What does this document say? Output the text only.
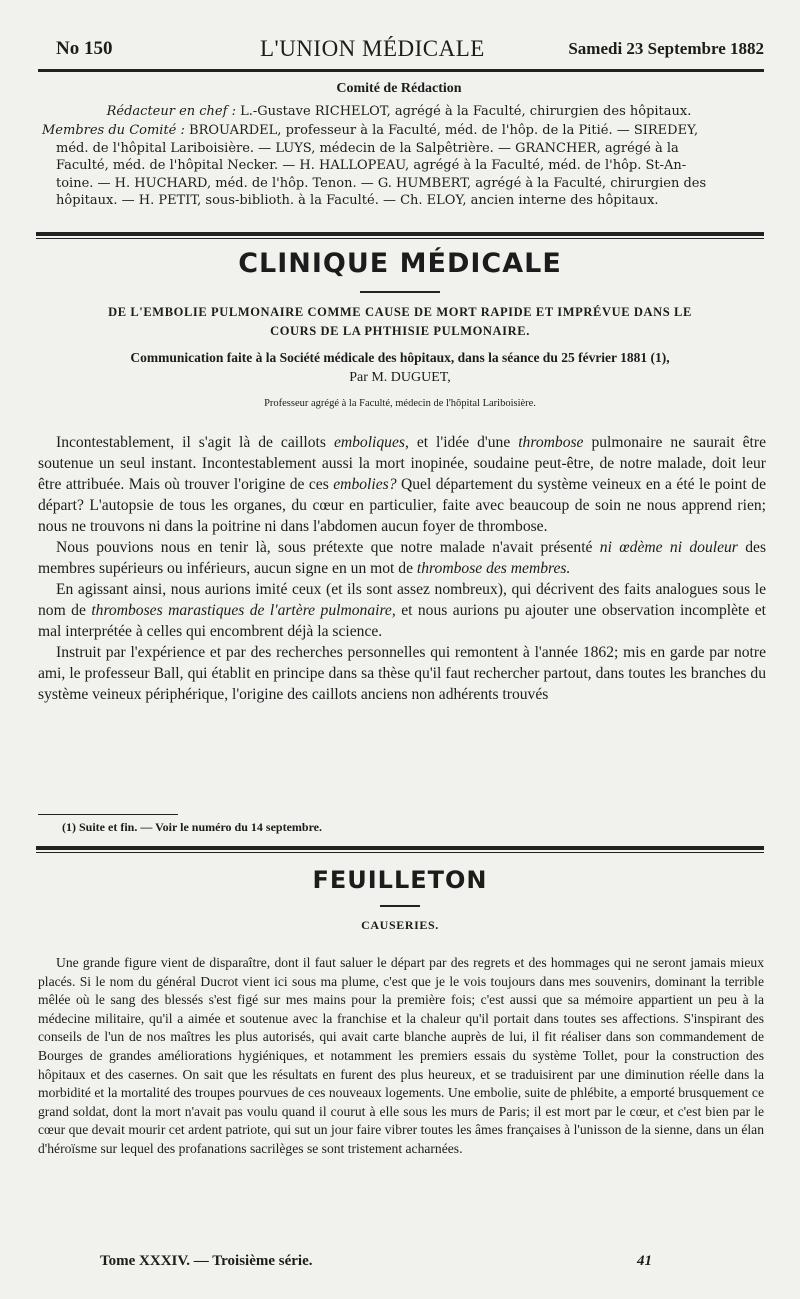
No 150	L'UNION MÉDICALE	Samedi 23 Septembre 1882
Comité de Rédaction
Rédacteur en chef : L.-Gustave RICHELOT, agrégé à la Faculté, chirurgien des hôpitaux.
Membres du Comité : BROUARDEL, professeur à la Faculté, méd. de l'hôp. de la Pitié. — SIREDEY,
méd. de l'hôpital Lariboisière. — LUYS, médecin de la Salpêtrière. — GRANCHER, agrégé à la
Faculté, méd. de l'hôpital Necker. — H. HALLOPEAU, agrégé à la Faculté, méd. de l'hôp. St-An-
toine. — H. HUCHARD, méd. de l'hôp. Tenon. — G. HUMBERT, agrégé à la Faculté, chirurgien des
hôpitaux. — H. PETIT, sous-biblioth. à la Faculté. — Ch. ELOY, ancien interne des hôpitaux.
CLINIQUE MÉDICALE
DE L'EMBOLIE PULMONAIRE COMME CAUSE DE MORT RAPIDE ET IMPRÉVUE DANS LE
COURS DE LA PHTHISIE PULMONAIRE.
Communication faite à la Société médicale des hôpitaux, dans la séance du 25 février 1881 (1),
Par M. DUGUET,
Professeur agrégé à la Faculté, médecin de l'hôpital Lariboisière.

Incontestablement, il s'agit là de caillots emboliques, et l'idée d'une thrombose pulmonaire ne saurait être soutenue un seul instant. Incontestablement aussi la mort inopinée, soudaine peut-être, de notre malade, doit leur être attribuée. Mais où trouver l'origine de ces embolies? Quel département du système veineux en a été le point de départ? L'autopsie de tous les organes, du cœur en particulier, faite avec beaucoup de soin ne nous apprend rien; nous ne trouvons ni dans la poitrine ni dans l'abdomen aucun foyer de thrombose.

Nous pouvions nous en tenir là, sous prétexte que notre malade n'avait présenté ni œdème ni douleur des membres supérieurs ou inférieurs, aucun signe en un mot de thrombose des membres.

En agissant ainsi, nous aurions imité ceux (et ils sont assez nombreux), qui décrivent des faits analogues sous le nom de thromboses marastiques de l'artère pulmonaire, et nous aurions pu ajouter une observation incomplète et mal interprétée à celles qui encombrent déjà la science.

Instruit par l'expérience et par des recherches personnelles qui remontent à l'année 1862; mis en garde par notre ami, le professeur Ball, qui établit en principe dans sa thèse qu'il faut rechercher partout, dans toutes les branches du système veineux périphérique, l'origine des caillots anciens non adhérents trouvés

(1) Suite et fin. — Voir le numéro du 14 septembre.
FEUILLETON
CAUSERIES.

Une grande figure vient de disparaître, dont il faut saluer le départ par des regrets et des hommages qui ne seront jamais mieux placés. Si le nom du général Ducrot vient ici sous ma plume, c'est que je le vois toujours dans mes souvenirs, dominant la terrible mêlée où le sang des blessés s'est figé sur mes mains pour la première fois; c'est aussi que sa mémoire appartient un peu à la médecine militaire, qu'il a aimée et soutenue avec la franchise et la chaleur qu'il portait dans toutes ses affections. S'inspirant des conseils de l'un de nos maîtres les plus autorisés, qui avait carte blanche auprès de lui, il fit réaliser dans son commandement de Bourges de grandes améliorations hygiéniques, et notamment les premiers essais du système Tollet, pour la construction des hôpitaux et des casernes. On sait que les résultats en furent des plus heureux, et se traduisirent par une diminution réelle dans la morbidité et la mortalité des troupes pourvues de ces nouveaux logements. Une embolie, suite de phlébite, a emporté brusquement ce grand soldat, dont la mort n'avait pas voulu quand il courut à elle sous les murs de Paris; il est mort par le cœur, et c'est bien par le cœur que devait mourir cet ardent patriote, qui sut un jour faire vibrer toutes les âmes françaises à l'unisson de la sienne, dans un élan d'héroïsme sur lequel des profanations sacrilèges se sont tristement acharnées.

Tome XXXIV. — Troisième série.	41
